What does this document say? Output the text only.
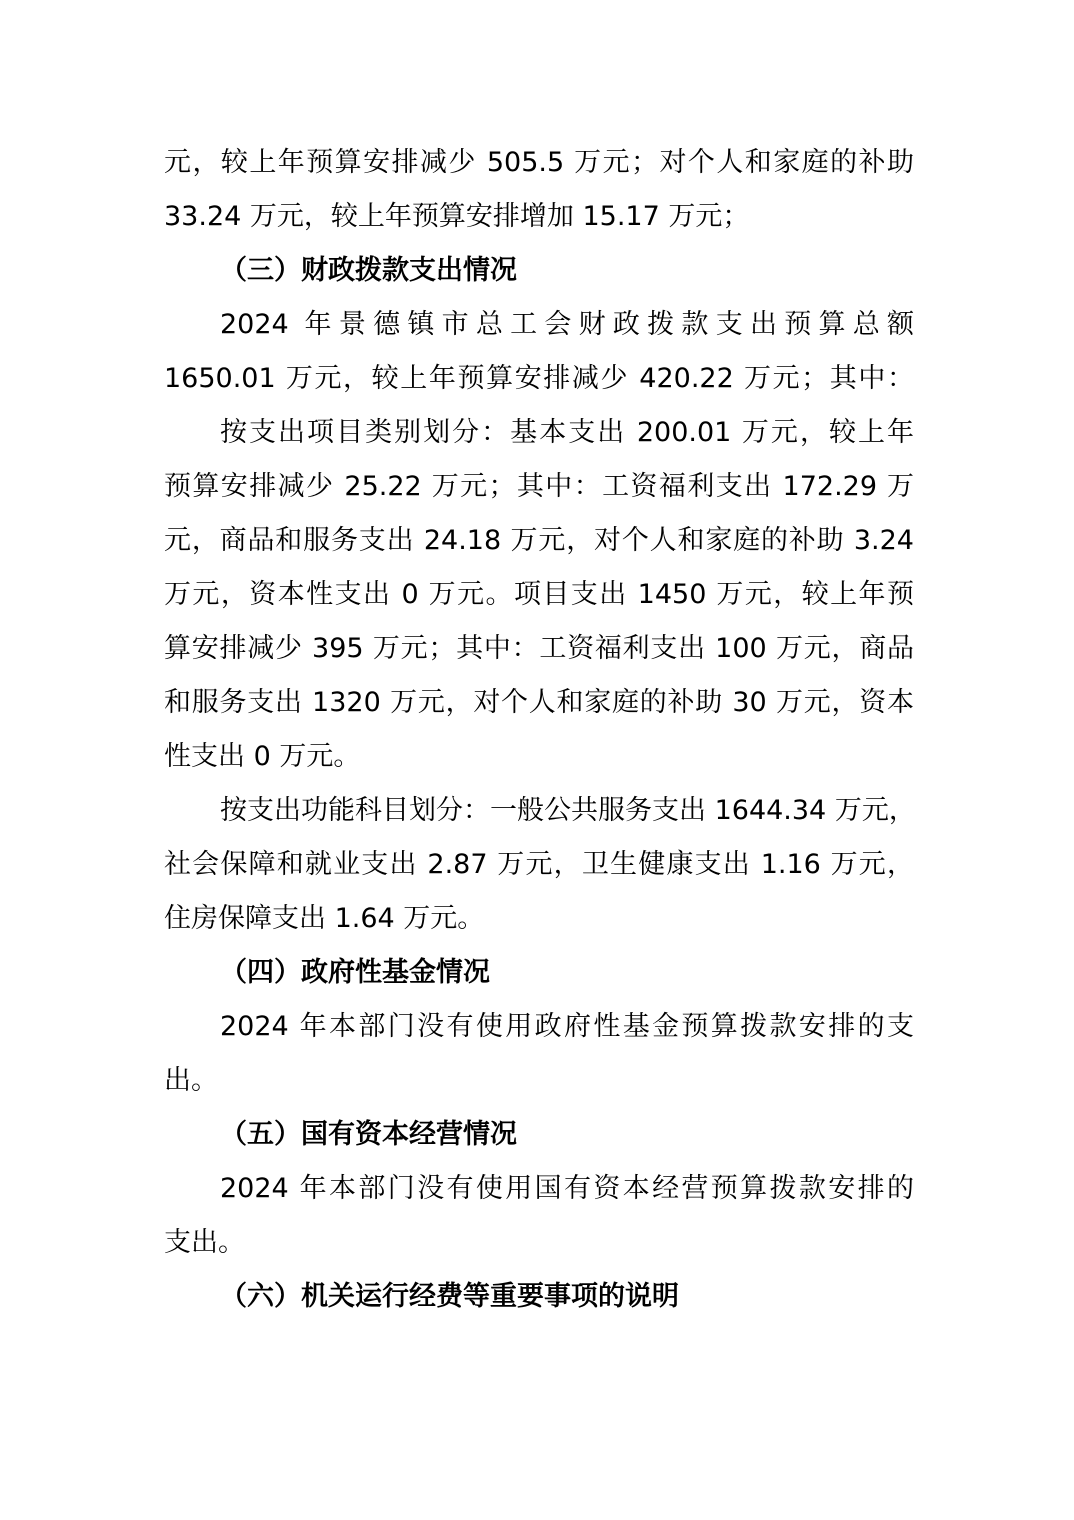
元，较上年预算安排减少 505.5 万元；对个人和家庭的补助
33.24 万元，较上年预算安排增加 15.17 万元；
（三）财政拨款支出情况
2024 年景德镇市总工会财政拨款支出预算总额
1650.01 万元，较上年预算安排减少 420.22 万元；其中：
按支出项目类别划分：基本支出 200.01 万元，较上年
预算安排减少 25.22 万元；其中：工资福利支出 172.29 万
元，商品和服务支出 24.18 万元，对个人和家庭的补助 3.24
万元，资本性支出 0 万元。项目支出 1450 万元，较上年预
算安排减少 395 万元；其中：工资福利支出 100 万元，商品
和服务支出 1320 万元，对个人和家庭的补助 30 万元，资本
性支出 0 万元。
按支出功能科目划分：一般公共服务支出 1644.34 万元，
社会保障和就业支出 2.87 万元，卫生健康支出 1.16 万元，
住房保障支出 1.64 万元。
（四）政府性基金情况
2024 年本部门没有使用政府性基金预算拨款安排的支
出。
（五）国有资本经营情况
2024 年本部门没有使用国有资本经营预算拨款安排的
支出。
（六）机关运行经费等重要事项的说明
